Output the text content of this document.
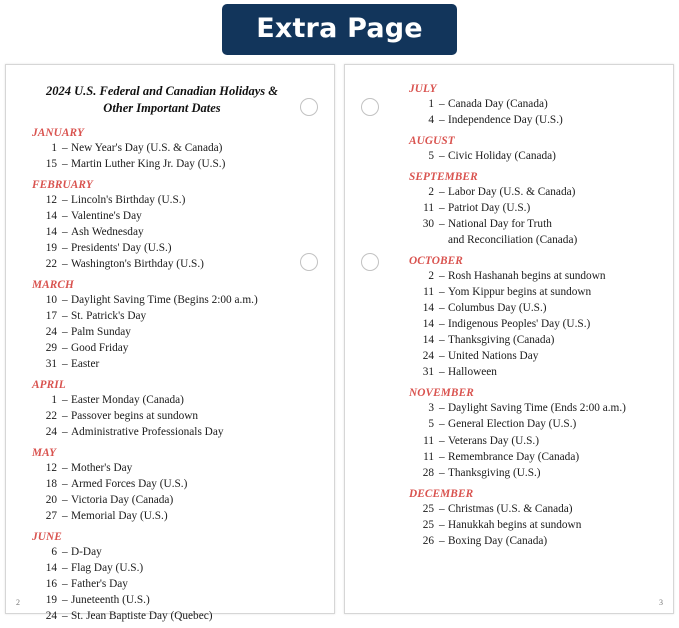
Extra Page
2024 U.S. Federal and Canadian Holidays & Other Important Dates
JANUARY
1 – New Year's Day (U.S. & Canada)
15 – Martin Luther King Jr. Day (U.S.)
FEBRUARY
12 – Lincoln's Birthday (U.S.)
14 – Valentine's Day
14 – Ash Wednesday
19 – Presidents' Day (U.S.)
22 – Washington's Birthday (U.S.)
MARCH
10 – Daylight Saving Time (Begins 2:00 a.m.)
17 – St. Patrick's Day
24 – Palm Sunday
29 – Good Friday
31 – Easter
APRIL
1 – Easter Monday (Canada)
22 – Passover begins at sundown
24 – Administrative Professionals Day
MAY
12 – Mother's Day
18 – Armed Forces Day (U.S.)
20 – Victoria Day (Canada)
27 – Memorial Day (U.S.)
JUNE
6 – D-Day
14 – Flag Day (U.S.)
16 – Father's Day
19 – Juneteenth (U.S.)
24 – St. Jean Baptiste Day (Quebec)
2
JULY
1 – Canada Day (Canada)
4 – Independence Day (U.S.)
AUGUST
5 – Civic Holiday (Canada)
SEPTEMBER
2 – Labor Day (U.S. & Canada)
11 – Patriot Day (U.S.)
30 – National Day for Truth
and Reconciliation (Canada)
OCTOBER
2 – Rosh Hashanah begins at sundown
11 – Yom Kippur begins at sundown
14 – Columbus Day (U.S.)
14 – Indigenous Peoples' Day (U.S.)
14 – Thanksgiving (Canada)
24 – United Nations Day
31 – Halloween
NOVEMBER
3 – Daylight Saving Time (Ends 2:00 a.m.)
5 – General Election Day (U.S.)
11 – Veterans Day (U.S.)
11 – Remembrance Day (Canada)
28 – Thanksgiving (U.S.)
DECEMBER
25 – Christmas (U.S. & Canada)
25 – Hanukkah begins at sundown
26 – Boxing Day (Canada)
3
